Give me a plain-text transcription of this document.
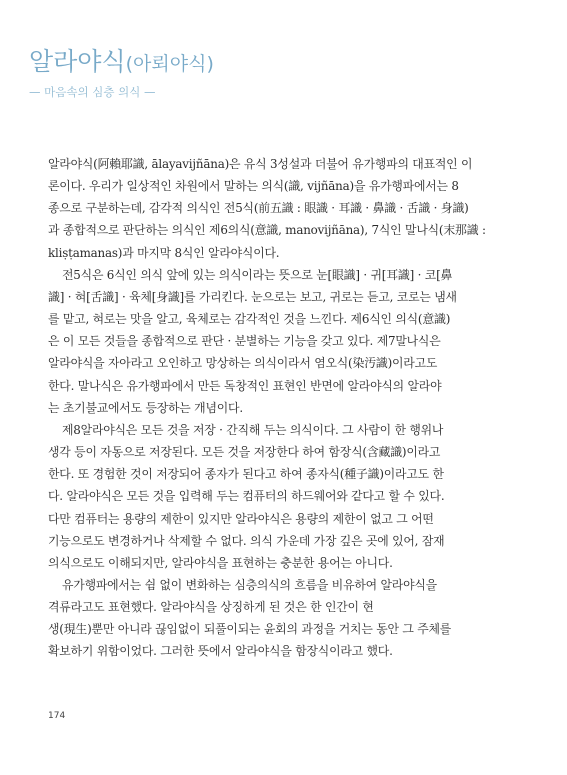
알라야식(아뢰야식)
— 마음속의 심층 의식 —
알라야식(阿賴耶識, ālayavijñāna)은 유식 3성설과 더불어 유가행파의 대표적인 이
론이다. 우리가 일상적인 차원에서 말하는 의식(識, vijñāna)을 유가행파에서는 8
종으로 구분하는데, 감각적 의식인 전5식(前五識 : 眼識 · 耳識 · 鼻識 · 舌識 · 身識)
과 종합적으로 판단하는 의식인 제6의식(意識, manovijñāna), 7식인 말나식(末那識 :
kliṣṭamanas)과 마지막 8식인 알라야식이다.
전5식은 6식인 의식 앞에 있는 의식이라는 뜻으로 눈[眼識] · 귀[耳識] · 코[鼻
識] · 혀[舌識] · 육체[身識]를 가리킨다. 눈으로는 보고, 귀로는 듣고, 코로는 냄새
를 맡고, 혀로는 맛을 알고, 육체로는 감각적인 것을 느낀다. 제6식인 의식(意識)
은 이 모든 것들을 종합적으로 판단 · 분별하는 기능을 갖고 있다. 제7말나식은
알라야식을 자아라고 오인하고 망상하는 의식이라서 염오식(染汚識)이라고도
한다. 말나식은 유가행파에서 만든 독창적인 표현인 반면에 알라야식의 알라야
는 초기불교에서도 등장하는 개념이다.
제8알라야식은 모든 것을 저장 · 간직해 두는 의식이다. 그 사람이 한 행위나
생각 등이 자동으로 저장된다. 모든 것을 저장한다 하여 함장식(含藏識)이라고
한다. 또 경험한 것이 저장되어 종자가 된다고 하여 종자식(種子識)이라고도 한
다. 알라야식은 모든 것을 입력해 두는 컴퓨터의 하드웨어와 같다고 할 수 있다.
다만 컴퓨터는 용량의 제한이 있지만 알라야식은 용량의 제한이 없고 그 어떤
기능으로도 변경하거나 삭제할 수 없다. 의식 가운데 가장 깊은 곳에 있어, 잠재
의식으로도 이해되지만, 알라야식을 표현하는 충분한 용어는 아니다.
유가행파에서는 쉼 없이 변화하는 심층의식의 흐름을 비유하여 알라야식을
격류라고도 표현했다. 알라야식을 상징하게 된 것은 한 인간이 현
생(現生)뿐만 아니라 끊임없이 되풀이되는 윤회의 과정을 거치는 동안 그 주체를
확보하기 위함이었다. 그러한 뜻에서 알라야식을 함장식이라고 했다.
174
